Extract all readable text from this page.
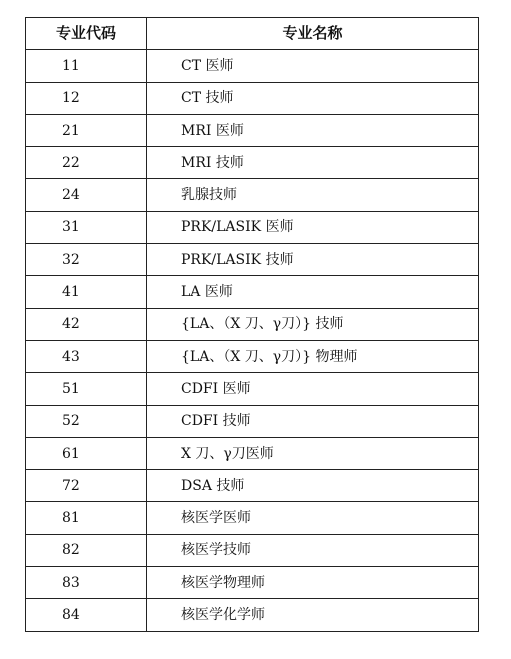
专业代码	专业名称
11	CT 医师
12	CT 技师
21	MRI 医师
22	MRI 技师
24	乳腺技师
31	PRK/LASIK 医师
32	PRK/LASIK 技师
41	LA 医师
42	{LA、（X 刀、γ刀）} 技师
43	{LA、（X 刀、γ刀）} 物理师
51	CDFI 医师
52	CDFI 技师
61	X 刀、γ刀医师
72	DSA 技师
81	核医学医师
82	核医学技师
83	核医学物理师
84	核医学化学师
